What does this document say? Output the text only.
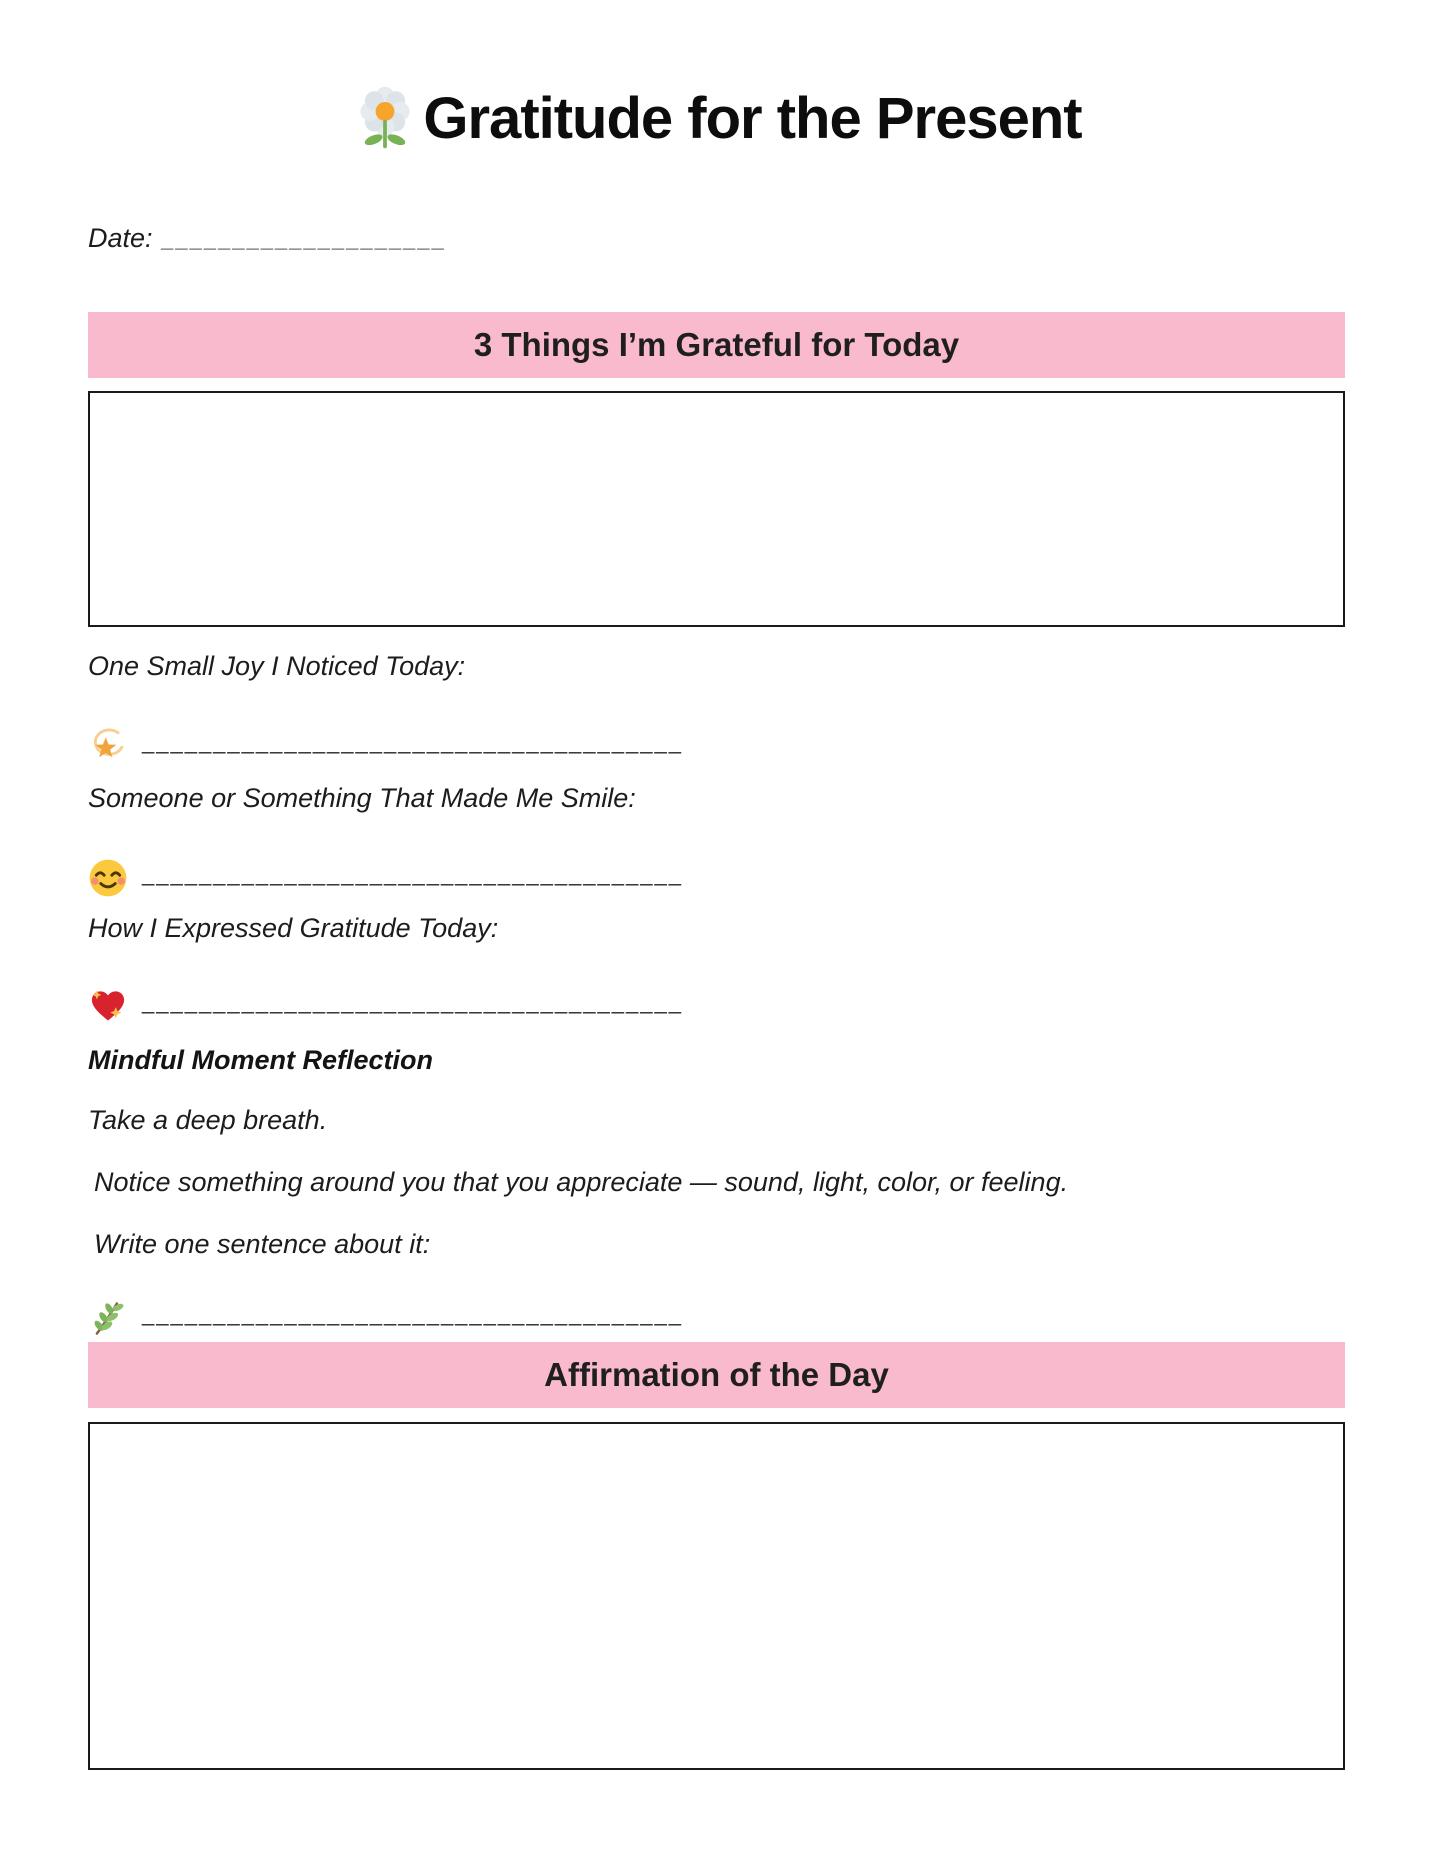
Gratitude for the Present
Date: ____________________
3 Things I’m Grateful for Today
One Small Joy I Noticed Today:
______________________________________
Someone or Something That Made Me Smile:
______________________________________
How I Expressed Gratitude Today:
______________________________________
Mindful Moment Reflection
Take a deep breath.
Notice something around you that you appreciate — sound, light, color, or feeling.
Write one sentence about it:
______________________________________
Affirmation of the Day
